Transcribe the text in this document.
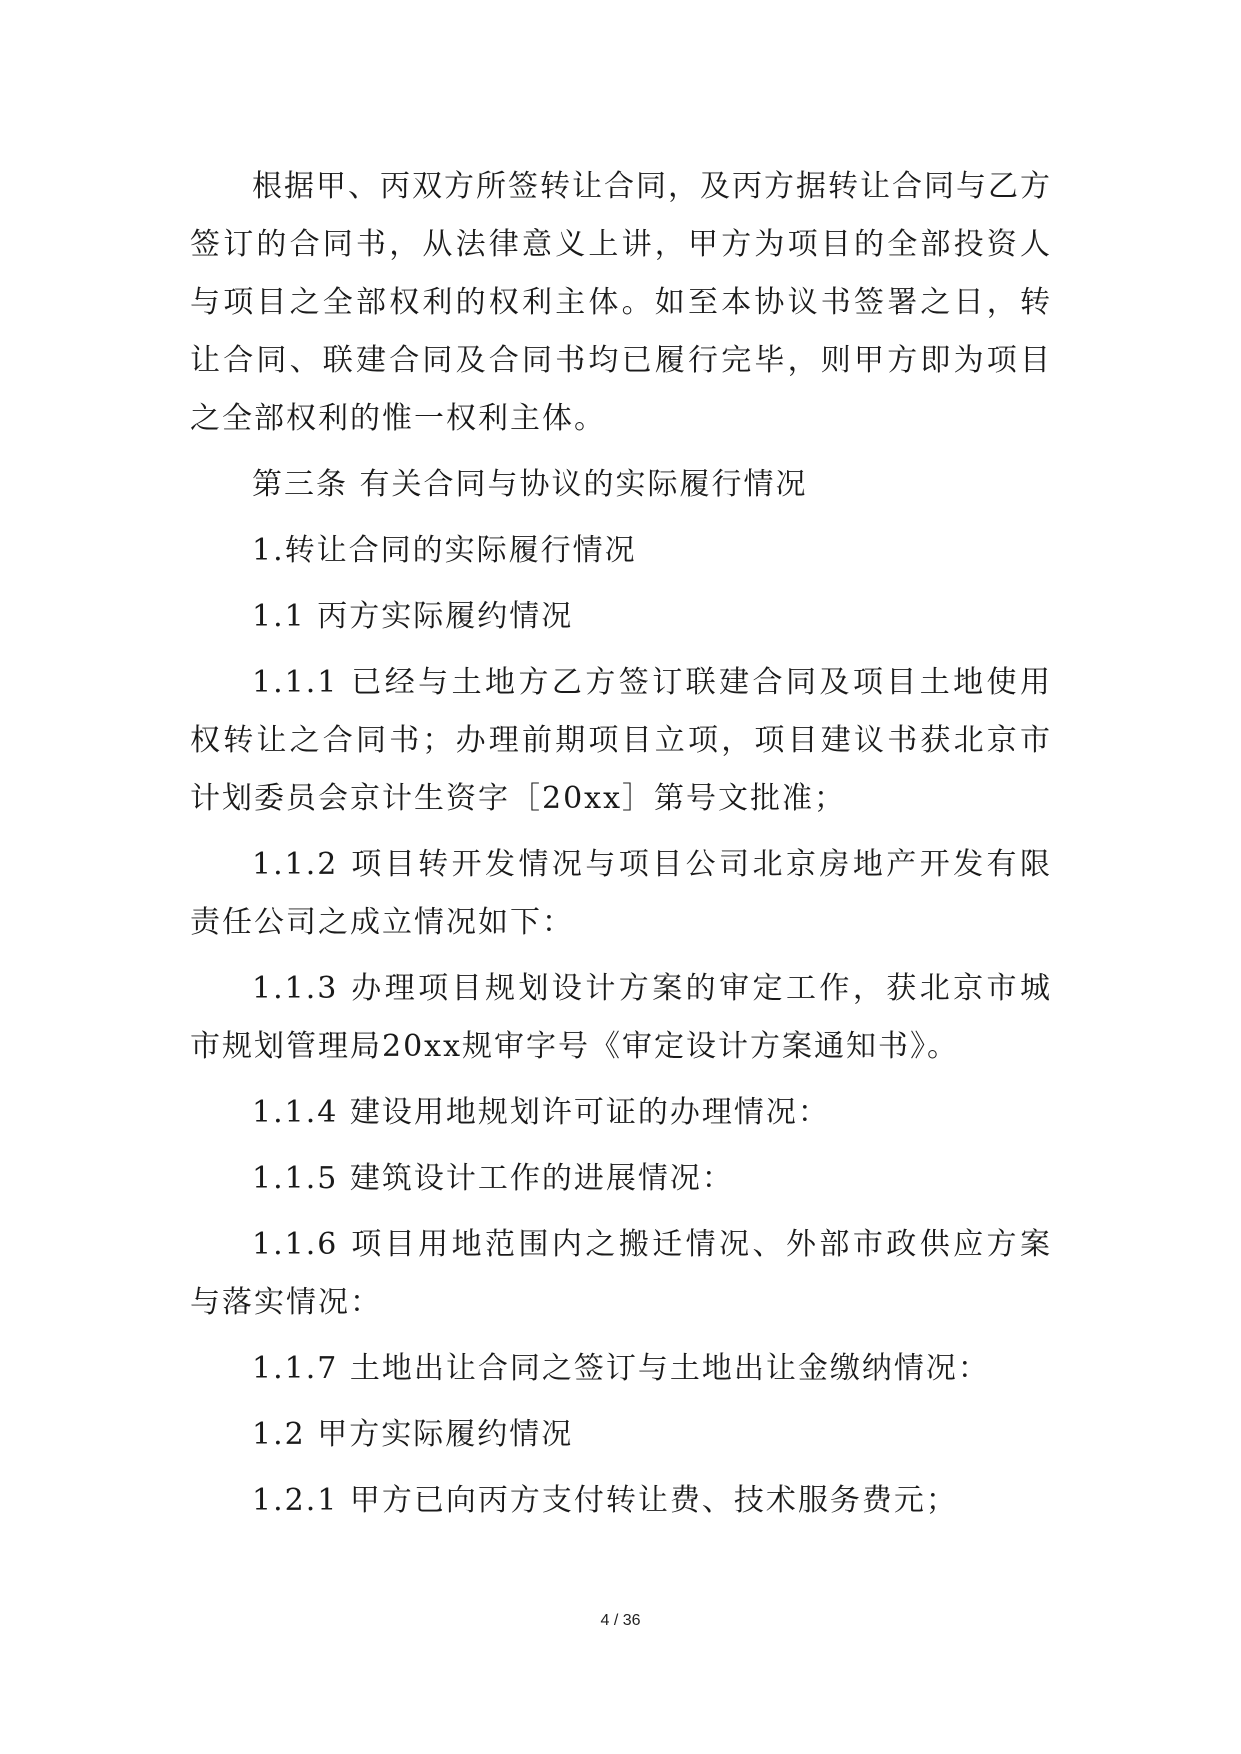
根据甲、丙双方所签转让合同，及丙方据转让合同与乙方签订的合同书，从法律意义上讲，甲方为项目的全部投资人与项目之全部权利的权利主体。如至本协议书签署之日，转让合同、联建合同及合同书均已履行完毕，则甲方即为项目之全部权利的惟一权利主体。

第三条 有关合同与协议的实际履行情况

1.转让合同的实际履行情况

1.1 丙方实际履约情况

1.1.1 已经与土地方乙方签订联建合同及项目土地使用权转让之合同书；办理前期项目立项，项目建议书获北京市计划委员会京计生资字［20xx］第号文批准；

1.1.2 项目转开发情况与项目公司北京房地产开发有限责任公司之成立情况如下：

1.1.3 办理项目规划设计方案的审定工作，获北京市城市规划管理局20xx规审字号《审定设计方案通知书》。

1.1.4 建设用地规划许可证的办理情况：

1.1.5 建筑设计工作的进展情况：

1.1.6 项目用地范围内之搬迁情况、外部市政供应方案与落实情况：

1.1.7 土地出让合同之签订与土地出让金缴纳情况：

1.2 甲方实际履约情况

1.2.1 甲方已向丙方支付转让费、技术服务费元；

4 / 36
